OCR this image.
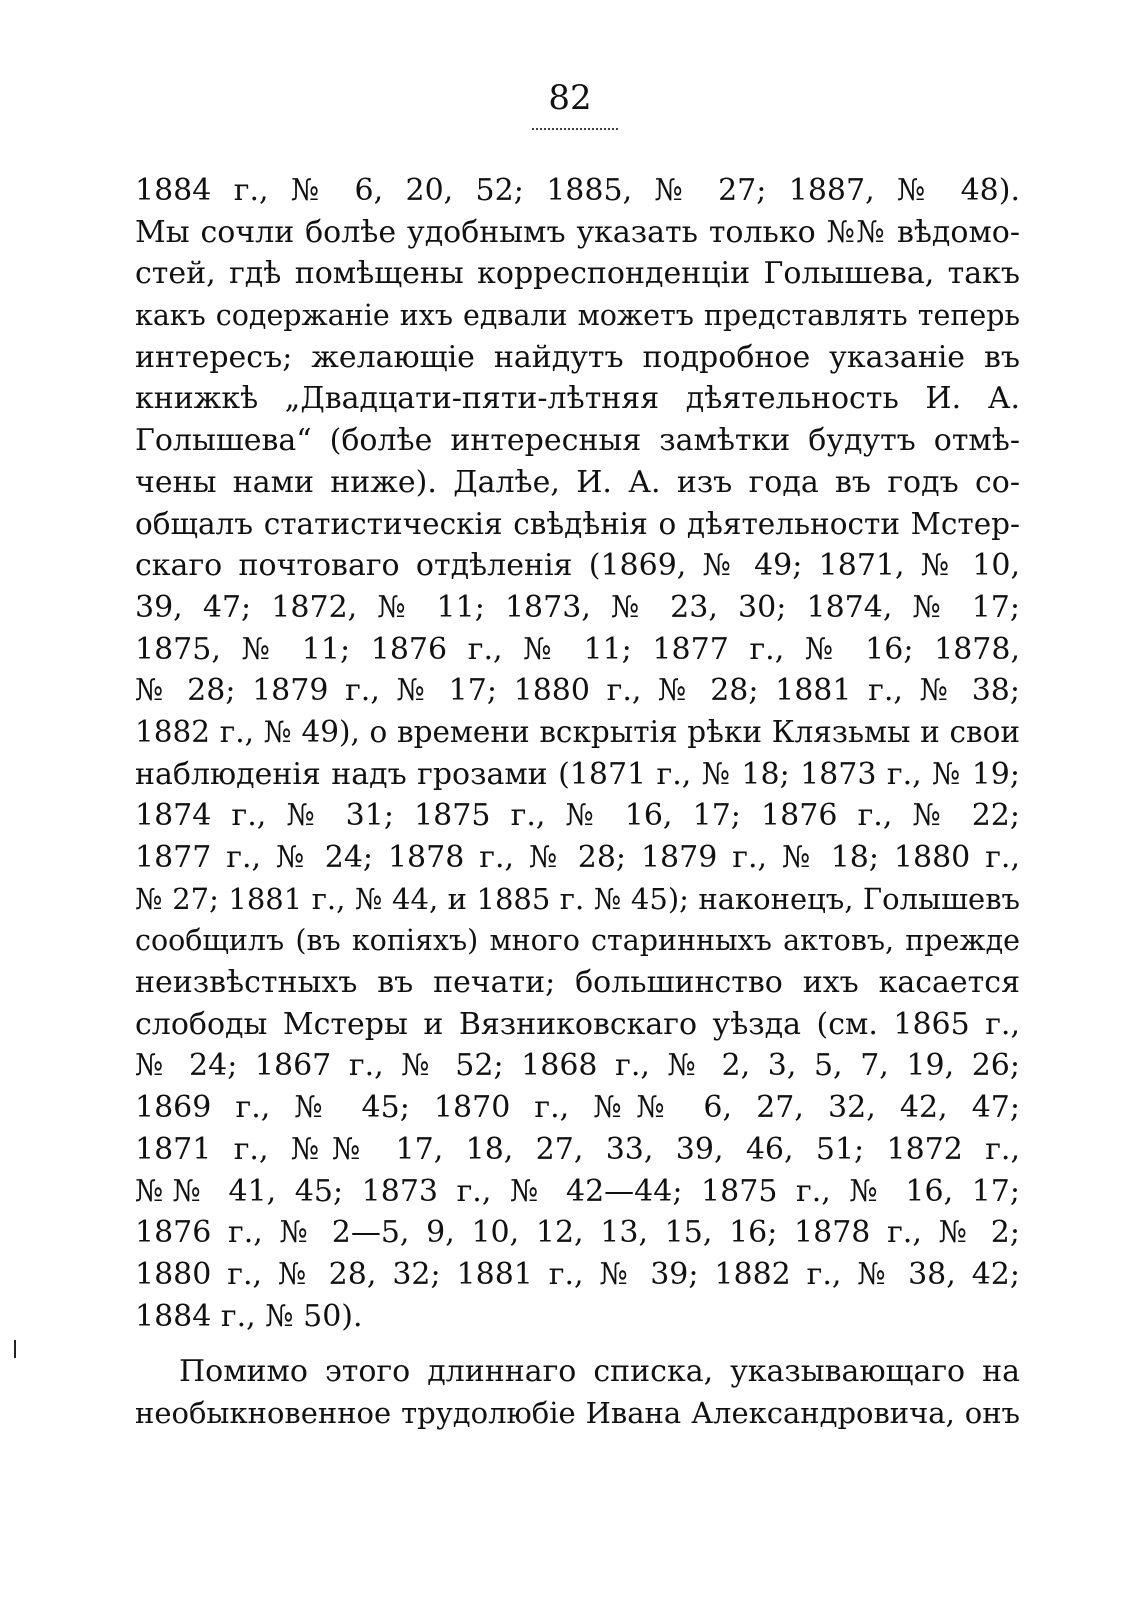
82
1884 г., № 6, 20, 52; 1885, № 27; 1887, № 48).
Мы сочли болѣе удобнымъ указать только №№ вѣдомо-
стей, гдѣ помѣщены корреспонденціи Голышева, такъ
какъ содержаніе ихъ едвали можетъ представлять теперь
интересъ; желающіе найдутъ подробное указаніе въ
книжкѣ „Двадцати-пяти-лѣтняя дѣятельность И. А.
Голышева“ (болѣе интересныя замѣтки будутъ отмѣ-
чены нами ниже). Далѣе, И. А. изъ года въ годъ со-
общалъ статистическія свѣдѣнія о дѣятельности Мстер-
скаго почтоваго отдѣленія (1869, № 49; 1871, № 10,
39, 47; 1872, № 11; 1873, № 23, 30; 1874, № 17;
1875, № 11; 1876 г., № 11; 1877 г., № 16; 1878,
№ 28; 1879 г., № 17; 1880 г., № 28; 1881 г., № 38;
1882 г., № 49), о времени вскрытія рѣки Клязьмы и свои
наблюденія надъ грозами (1871 г., № 18; 1873 г., № 19;
1874 г., № 31; 1875 г., № 16, 17; 1876 г., № 22;
1877 г., № 24; 1878 г., № 28; 1879 г., № 18; 1880 г.,
№ 27; 1881 г., № 44, и 1885 г. № 45); наконецъ, Голышевъ
сообщилъ (въ копіяхъ) много старинныхъ актовъ, прежде
неизвѣстныхъ въ печати; большинство ихъ касается
слободы Мстеры и Вязниковскаго уѣзда (см. 1865 г.,
№ 24; 1867 г., № 52; 1868 г., № 2, 3, 5, 7, 19, 26;
1869 г., № 45; 1870 г., №№ 6, 27, 32, 42, 47;
1871 г., №№ 17, 18, 27, 33, 39, 46, 51; 1872 г.,
№№ 41, 45; 1873 г., № 42—44; 1875 г., № 16, 17;
1876 г., № 2—5, 9, 10, 12, 13, 15, 16; 1878 г., № 2;
1880 г., № 28, 32; 1881 г., № 39; 1882 г., № 38, 42;
1884 г., № 50).
Помимо этого длиннаго списка, указывающаго на
необыкновенное трудолюбіе Ивана Александровича, онъ
